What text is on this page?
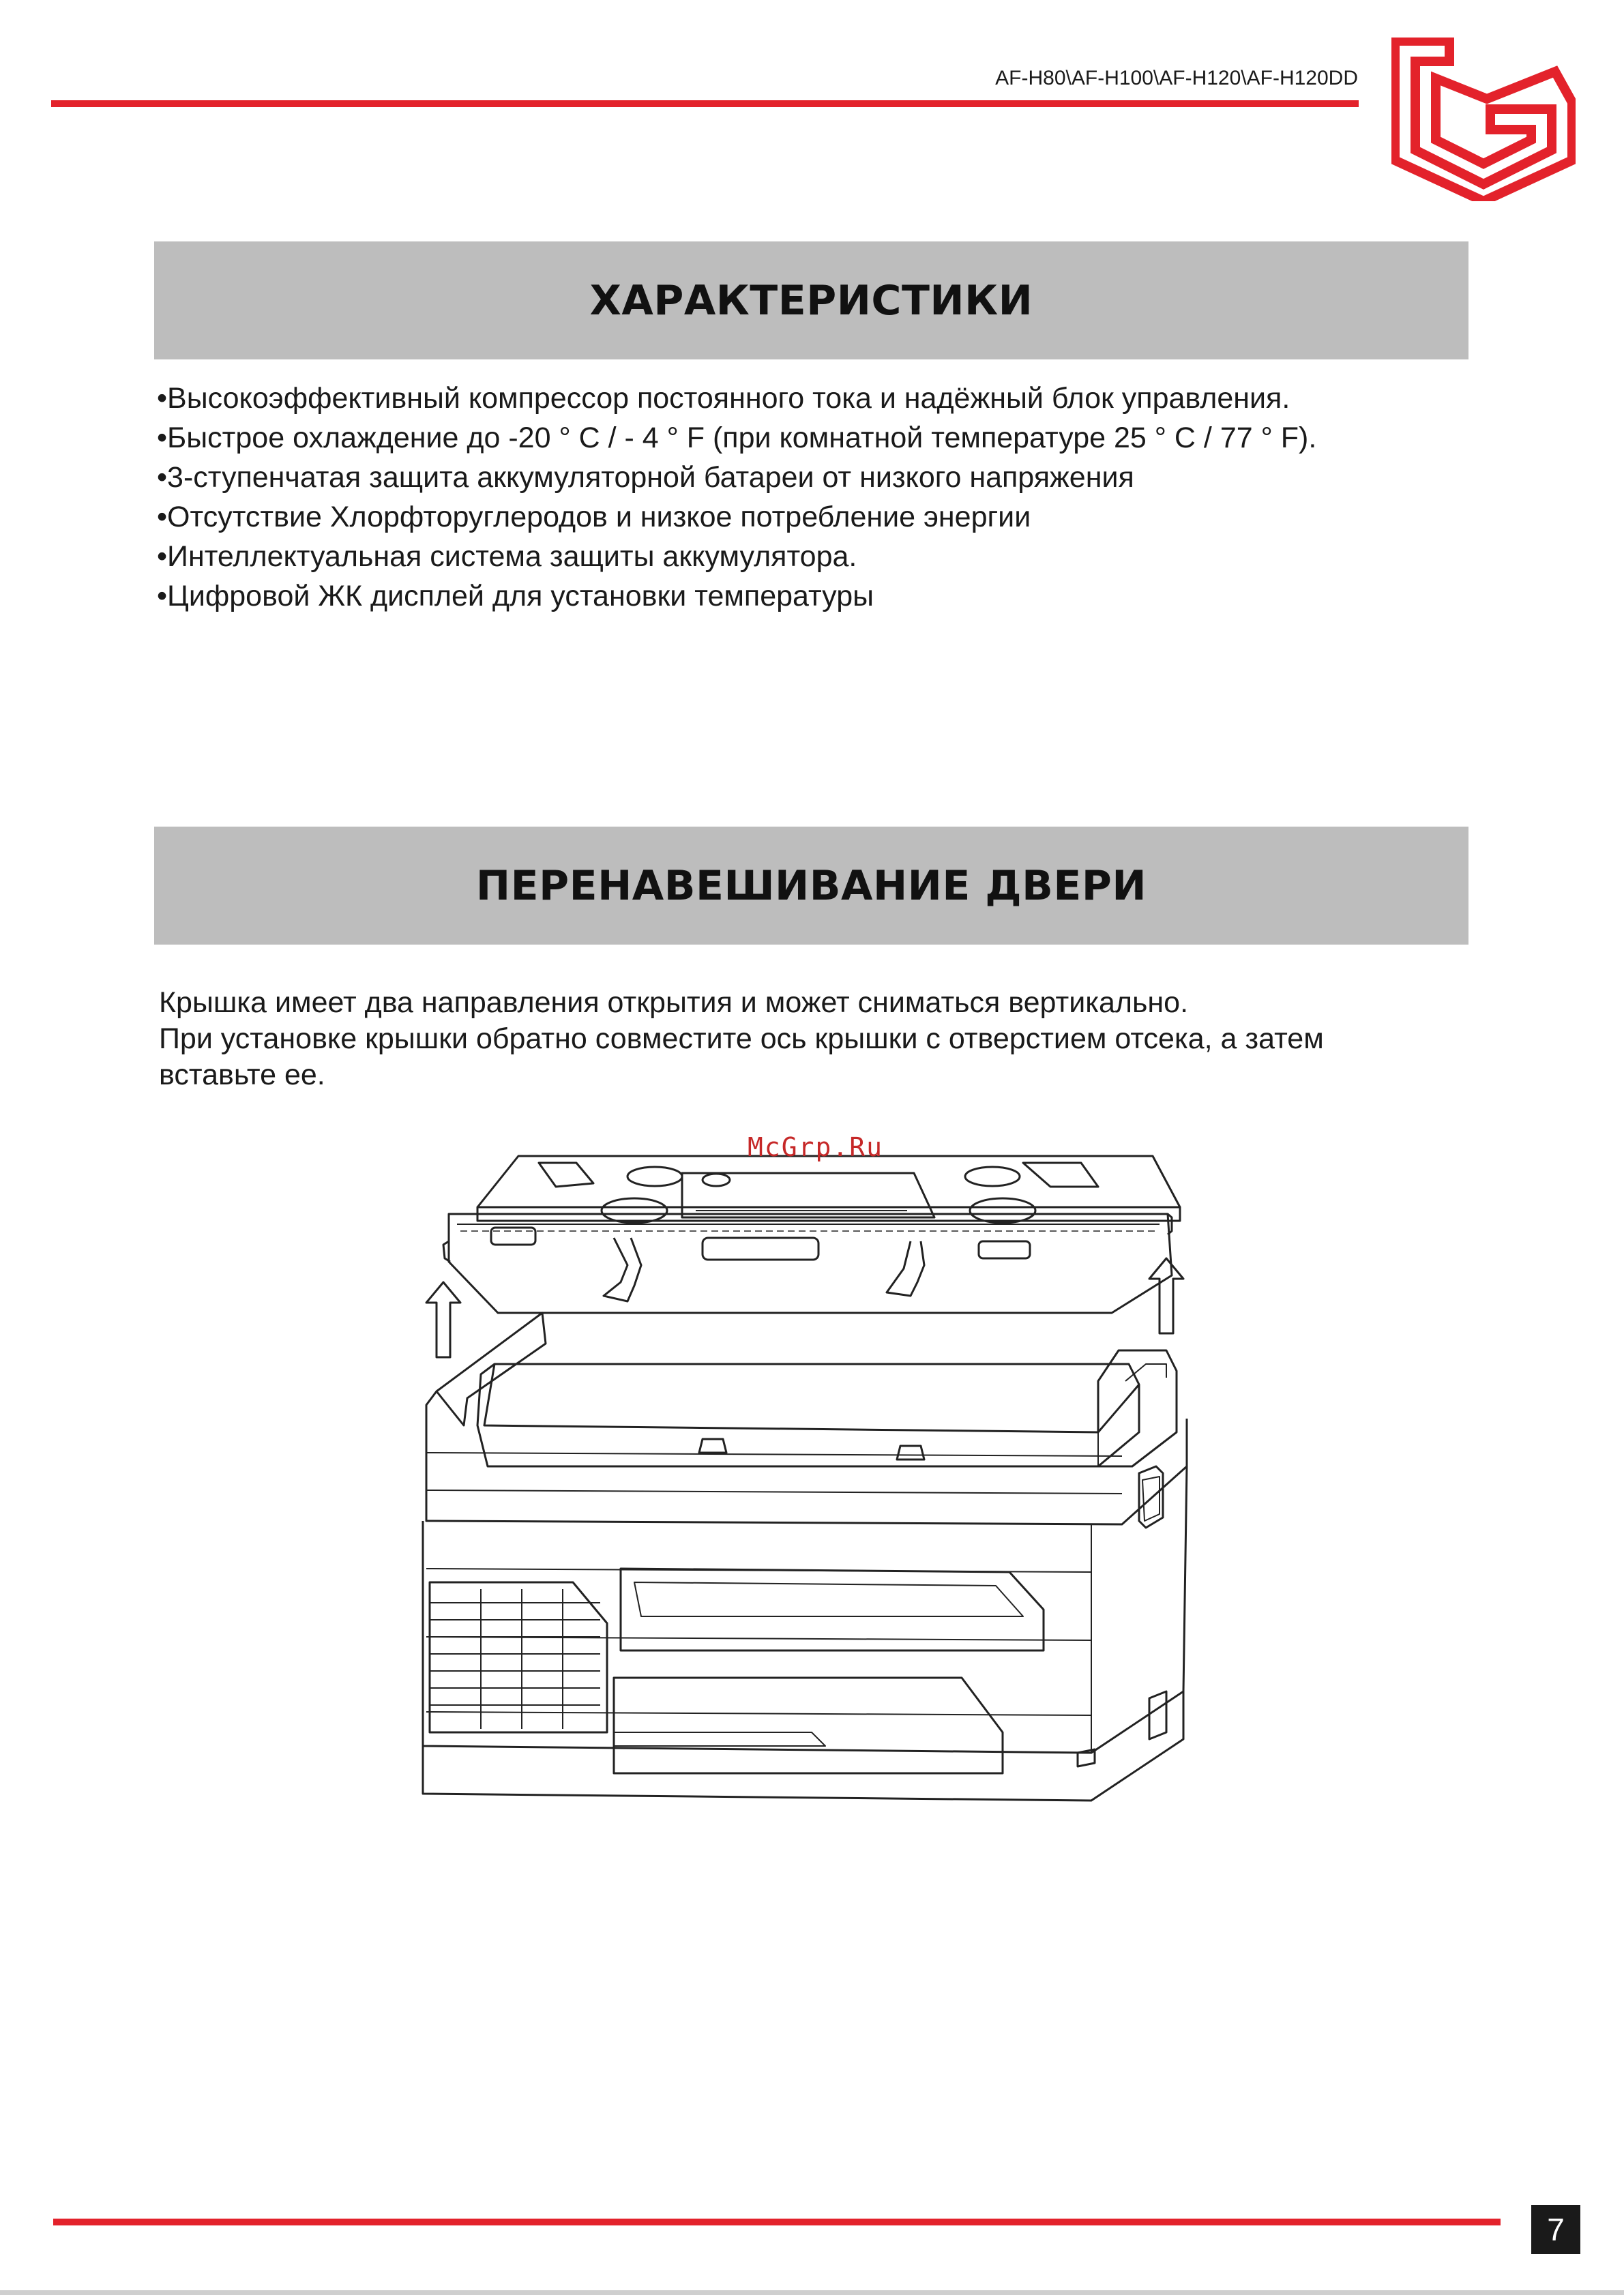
AF-H80\AF-H100\AF-H120\AF-H120DD
ХАРАКТЕРИСТИКИ
•Высокоэффективный компрессор постоянного тока и надёжный блок управления.
•Быстрое охлаждение до -20 ° С / - 4 ° F (при комнатной температуре 25 ° C / 77 ° F).
•3-ступенчатая защита аккумуляторной батареи от низкого напряжения
•Отсутствие Хлорфторуглеродов и низкое потребление энергии
•Интеллектуальная система защиты аккумулятора.
•Цифровой ЖК дисплей для установки температуры
ПЕРЕНАВЕШИВАНИЕ ДВЕРИ

Крышка имеет два направления открытия и может сниматься вертикально.

При установке крышки обратно совместите ось крышки с отверстием отсека, а затем

вставьте ее.

McGrp.Ru
7
